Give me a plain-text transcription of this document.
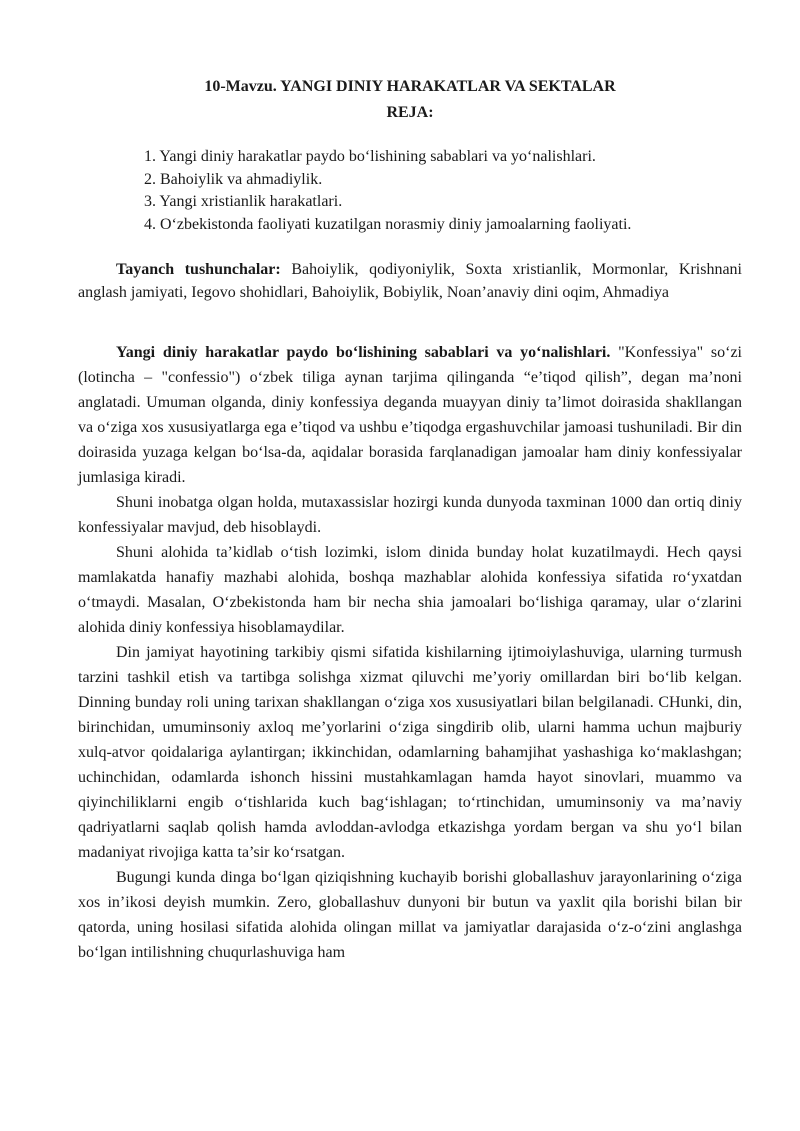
10-Mavzu. YANGI DINIY HARAKATLAR VA SEKTALAR

REJA:

1. Yangi diniy harakatlar paydo bo‘lishining sabablari va yo‘nalishlari.
2. Bahoiylik va ahmadiylik.
3. Yangi xristianlik harakatlari.
4. O‘zbekistonda faoliyati kuzatilgan norasmiy diniy jamoalarning faoliyati.

Tayanch tushunchalar: Bahoiylik, qodiyoniylik, Soxta xristianlik, Mormonlar, Krishnani anglash jamiyati, Iegovo shohidlari, Bahoiylik, Bobiylik, Noan’anaviy dini oqim, Ahmadiya

Yangi diniy harakatlar paydo bo‘lishining sabablari va yo‘nalishlari. "Konfessiya" so‘zi (lotincha – "confessio") o‘zbek tiliga aynan tarjima qilinganda “e’tiqod qilish”, degan ma’noni anglatadi. Umuman olganda, diniy konfessiya deganda muayyan diniy ta’limot doirasida shakllangan va o‘ziga xos xususiyatlarga ega e’tiqod va ushbu e’tiqodga ergashuvchilar jamoasi tushuniladi. Bir din doirasida yuzaga kelgan bo‘lsa-da, aqidalar borasida farqlanadigan jamoalar ham diniy konfessiyalar jumlasiga kiradi.

Shuni inobatga olgan holda, mutaxassislar hozirgi kunda dunyoda taxminan 1000 dan ortiq diniy konfessiyalar mavjud, deb hisoblaydi.

Shuni alohida ta’kidlab o‘tish lozimki, islom dinida bunday holat kuzatilmaydi. Hech qaysi mamlakatda hanafiy mazhabi alohida, boshqa mazhablar alohida konfessiya sifatida ro‘yxatdan o‘tmaydi. Masalan, O‘zbekistonda ham bir necha shia jamoalari bo‘lishiga qaramay, ular o‘zlarini alohida diniy konfessiya hisoblamaydilar.

Din jamiyat hayotining tarkibiy qismi sifatida kishilarning ijtimoiylashuviga, ularning turmush tarzini tashkil etish va tartibga solishga xizmat qiluvchi me’yoriy omillardan biri bo‘lib kelgan. Dinning bunday roli uning tarixan shakllangan o‘ziga xos xususiyatlari bilan belgilanadi. CHunki, din, birinchidan, umuminsoniy axloq me’yorlarini o‘ziga singdirib olib, ularni hamma uchun majburiy xulq-atvor qoidalariga aylantirgan; ikkinchidan, odamlarning bahamjihat yashashiga ko‘maklashgan; uchinchidan, odamlarda ishonch hissini mustahkamlagan hamda hayot sinovlari, muammo va qiyinchiliklarni engib o‘tishlarida kuch bag‘ishlagan; to‘rtinchidan, umuminsoniy va ma’naviy qadriyatlarni saqlab qolish hamda avloddan-avlodga etkazishga yordam bergan va shu yo‘l bilan madaniyat rivojiga katta ta’sir ko‘rsatgan.

Bugungi kunda dinga bo‘lgan qiziqishning kuchayib borishi globallashuv jarayonlarining o‘ziga xos in’ikosi deyish mumkin. Zero, globallashuv dunyoni bir butun va yaxlit qila borishi bilan bir qatorda, uning hosilasi sifatida alohida olingan millat va jamiyatlar darajasida o‘z-o‘zini anglashga bo‘lgan intilishning chuqurlashuviga ham
